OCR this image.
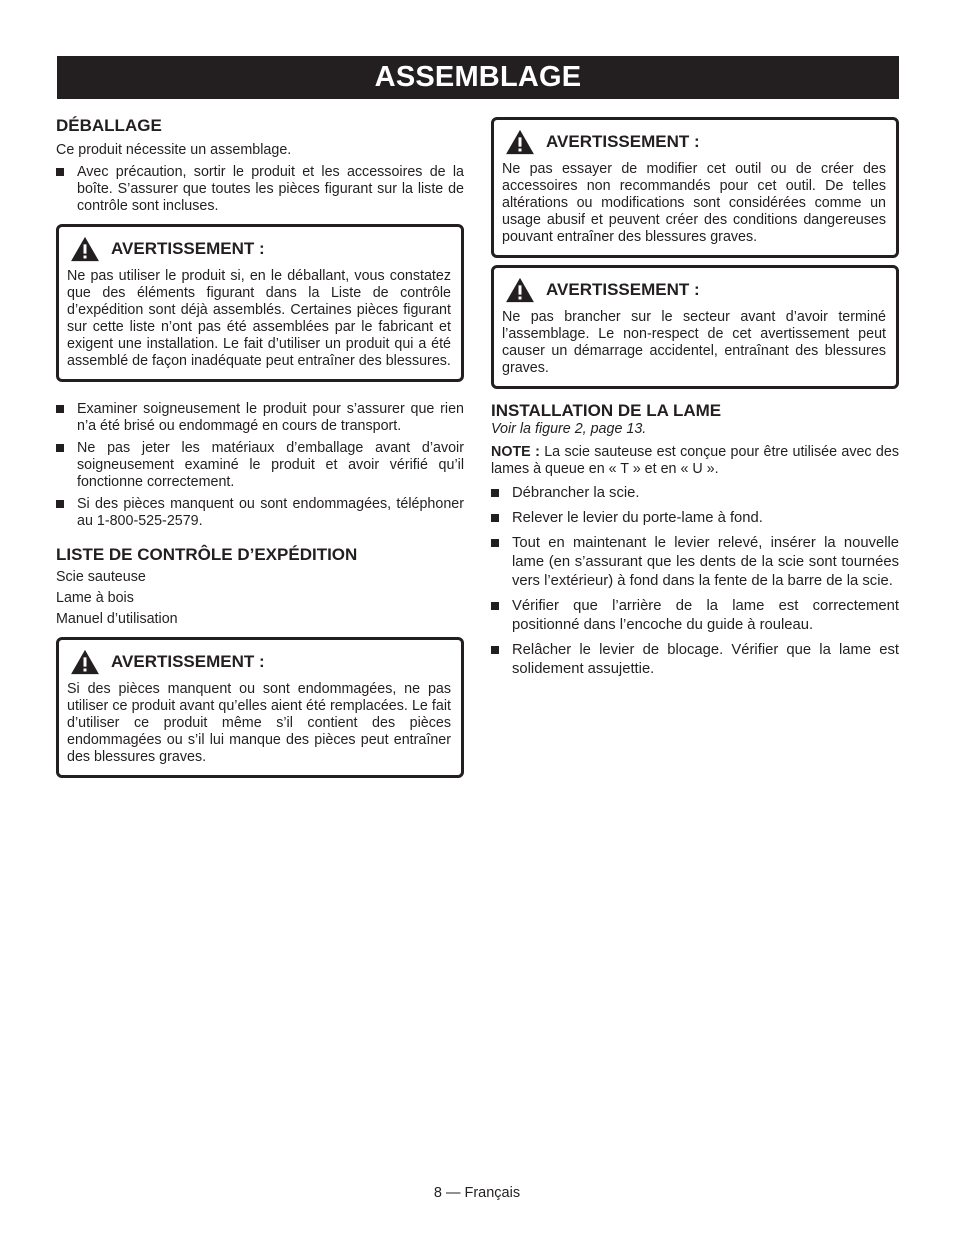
ASSEMBLAGE
DÉBALLAGE

Ce produit nécessite un assemblage.

Avec précaution, sortir le produit et les accessoires de la boîte. S’assurer que toutes les pièces figurant sur la liste de contrôle sont incluses.
AVERTISSEMENT :
Ne pas utiliser le produit si, en le déballant, vous constatez que des éléments figurant dans la Liste de contrôle d’expédition sont déjà assemblés. Certaines pièces figurant sur cette liste n’ont pas été assemblées par le fabricant et exigent une installation. Le fait d’utiliser un produit qui a été assemblé de façon inadéquate peut entraîner des blessures.
Examiner soigneusement le produit pour s’assurer que rien n’a été brisé ou endommagé en cours de transport.
Ne pas jeter les matériaux d’emballage avant d’avoir soigneusement examiné le produit et avoir vérifié qu’il fonctionne correctement.
Si des pièces manquent ou sont endommagées, téléphoner au 1-800-525-2579.
LISTE DE CONTRÔLE D’EXPÉDITION
Scie sauteuse
Lame à bois
Manuel d’utilisation
AVERTISSEMENT :
Si des pièces manquent ou sont endommagées, ne pas utiliser ce produit avant qu’elles aient été remplacées. Le fait d’utiliser ce produit même s’il contient des pièces endommagées ou s’il lui manque des pièces peut entraîner des blessures graves.
AVERTISSEMENT :
Ne pas essayer de modifier cet outil ou de créer des accessoires non recommandés pour cet outil. De telles altérations ou modifications sont considérées comme un usage abusif et peuvent créer des conditions dangereuses pouvant entraîner des blessures graves.
AVERTISSEMENT :
Ne pas brancher sur le secteur avant d’avoir terminé l’assemblage. Le non-respect de cet avertissement peut causer un démarrage accidentel, entraînant des blessures graves.
INSTALLATION DE LA LAME

Voir la figure 2, page 13.

NOTE : La scie sauteuse est conçue pour être utilisée avec des lames à queue en « T » et en « U ».

Débrancher la scie.
Relever le levier du porte-lame à fond.
Tout en maintenant le levier relevé, insérer la nouvelle lame (en s’assurant que les dents de la scie sont tournées vers l’extérieur) à fond dans la fente de la barre de la scie.
Vérifier que l’arrière de la lame est correctement positionné dans l’encoche du guide à rouleau.
Relâcher le levier de blocage. Vérifier que la lame est solidement assujettie.
8 — Français
